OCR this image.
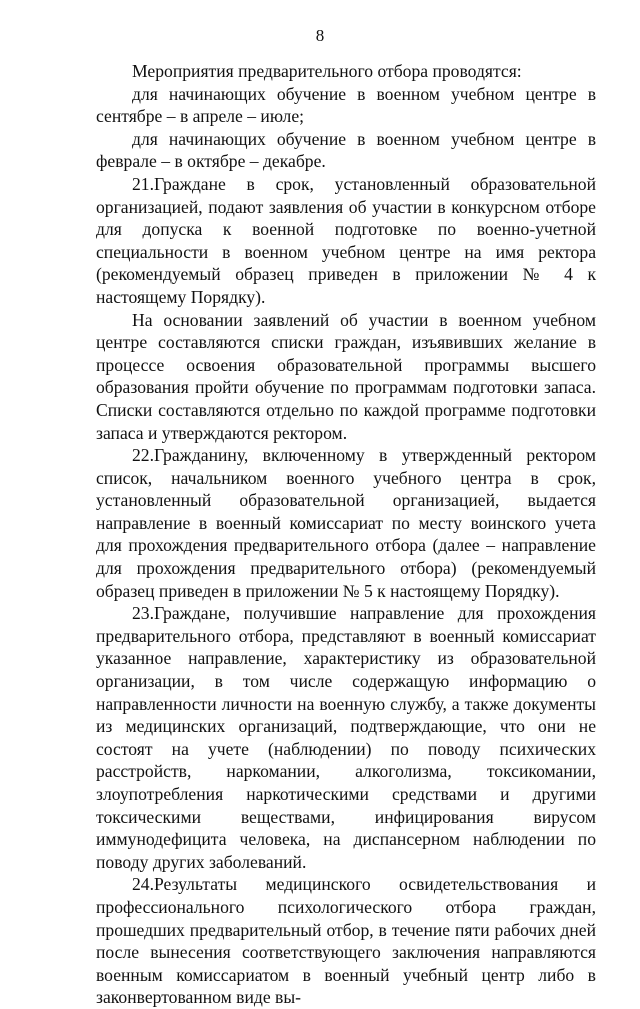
8

Мероприятия предварительного отбора проводятся:

для начинающих обучение в военном учебном центре в сентябре – в апреле – июле;

для начинающих обучение в военном учебном центре в феврале – в октябре – декабре.

21.Граждане в срок, установленный образовательной организацией, подают заявления об участии в конкурсном отборе для допуска к военной подготовке по военно-учетной специальности в военном учебном центре на имя ректора (рекомендуемый образец приведен в приложении № 4 к настоящему Порядку).

На основании заявлений об участии в военном учебном центре составляются списки граждан, изъявивших желание в процессе освоения образовательной программы высшего образования пройти обучение по программам подготовки запаса. Списки составляются отдельно по каждой программе подготовки запаса и утверждаются ректором.

22.Гражданину, включенному в утвержденный ректором список, начальником военного учебного центра в срок, установленный образовательной организацией, выдается направление в военный комиссариат по месту воинского учета для прохождения предварительного отбора (далее – направление для прохождения предварительного отбора) (рекомендуемый образец приведен в приложении № 5 к настоящему Порядку).

23.Граждане, получившие направление для прохождения предварительного отбора, представляют в военный комиссариат указанное направление, характеристику из образовательной организации, в том числе содержащую информацию о направленности личности на военную службу, а также документы из медицинских организаций, подтверждающие, что они не состоят на учете (наблюдении) по поводу психических расстройств, наркомании, алкоголизма, токсикомании, злоупотребления наркотическими средствами и другими токсическими веществами, инфицирования вирусом иммунодефицита человека, на диспансерном наблюдении по поводу других заболеваний.

24.Результаты медицинского освидетельствования и профессионального психологического отбора граждан, прошедших предварительный отбор, в течение пяти рабочих дней после вынесения соответствующего заключения направляются военным комиссариатом в военный учебный центр либо в законвертованном виде вы-
